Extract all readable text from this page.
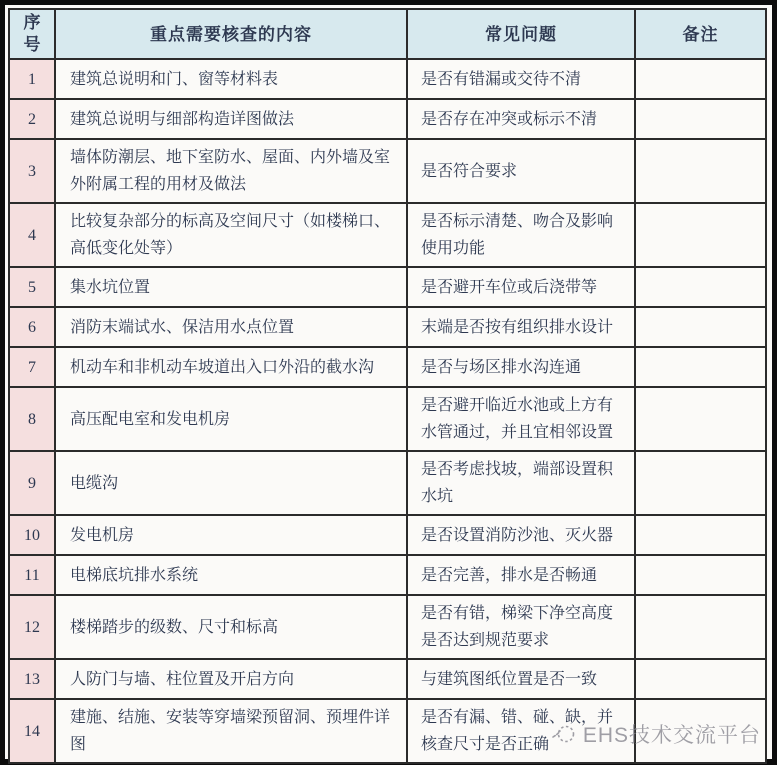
序号	重点需要核查的内容	常见问题	备注
1	建筑总说明和门、窗等材料表	是否有错漏或交待不清	
2	建筑总说明与细部构造详图做法	是否存在冲突或标示不清	
3	墙体防潮层、地下室防水、屋面、内外墙及室外附属工程的用材及做法	是否符合要求	
4	比较复杂部分的标高及空间尺寸（如楼梯口、高低变化处等）	是否标示清楚、吻合及影响使用功能	
5	集水坑位置	是否避开车位或后浇带等	
6	消防末端试水、保洁用水点位置	末端是否按有组织排水设计	
7	机动车和非机动车坡道出入口外沿的截水沟	是否与场区排水沟连通	
8	高压配电室和发电机房	是否避开临近水池或上方有水管通过，并且宜相邻设置	
9	电缆沟	是否考虑找坡，端部设置积水坑	
10	发电机房	是否设置消防沙池、灭火器	
11	电梯底坑排水系统	是否完善，排水是否畅通	
12	楼梯踏步的级数、尺寸和标高	是否有错，梯梁下净空高度是否达到规范要求	
13	人防门与墙、柱位置及开启方向	与建筑图纸位置是否一致	
14	建施、结施、安装等穿墙梁预留洞、预埋件详图	是否有漏、错、碰、缺，并核查尺寸是否正确	EHS技术交流平台
